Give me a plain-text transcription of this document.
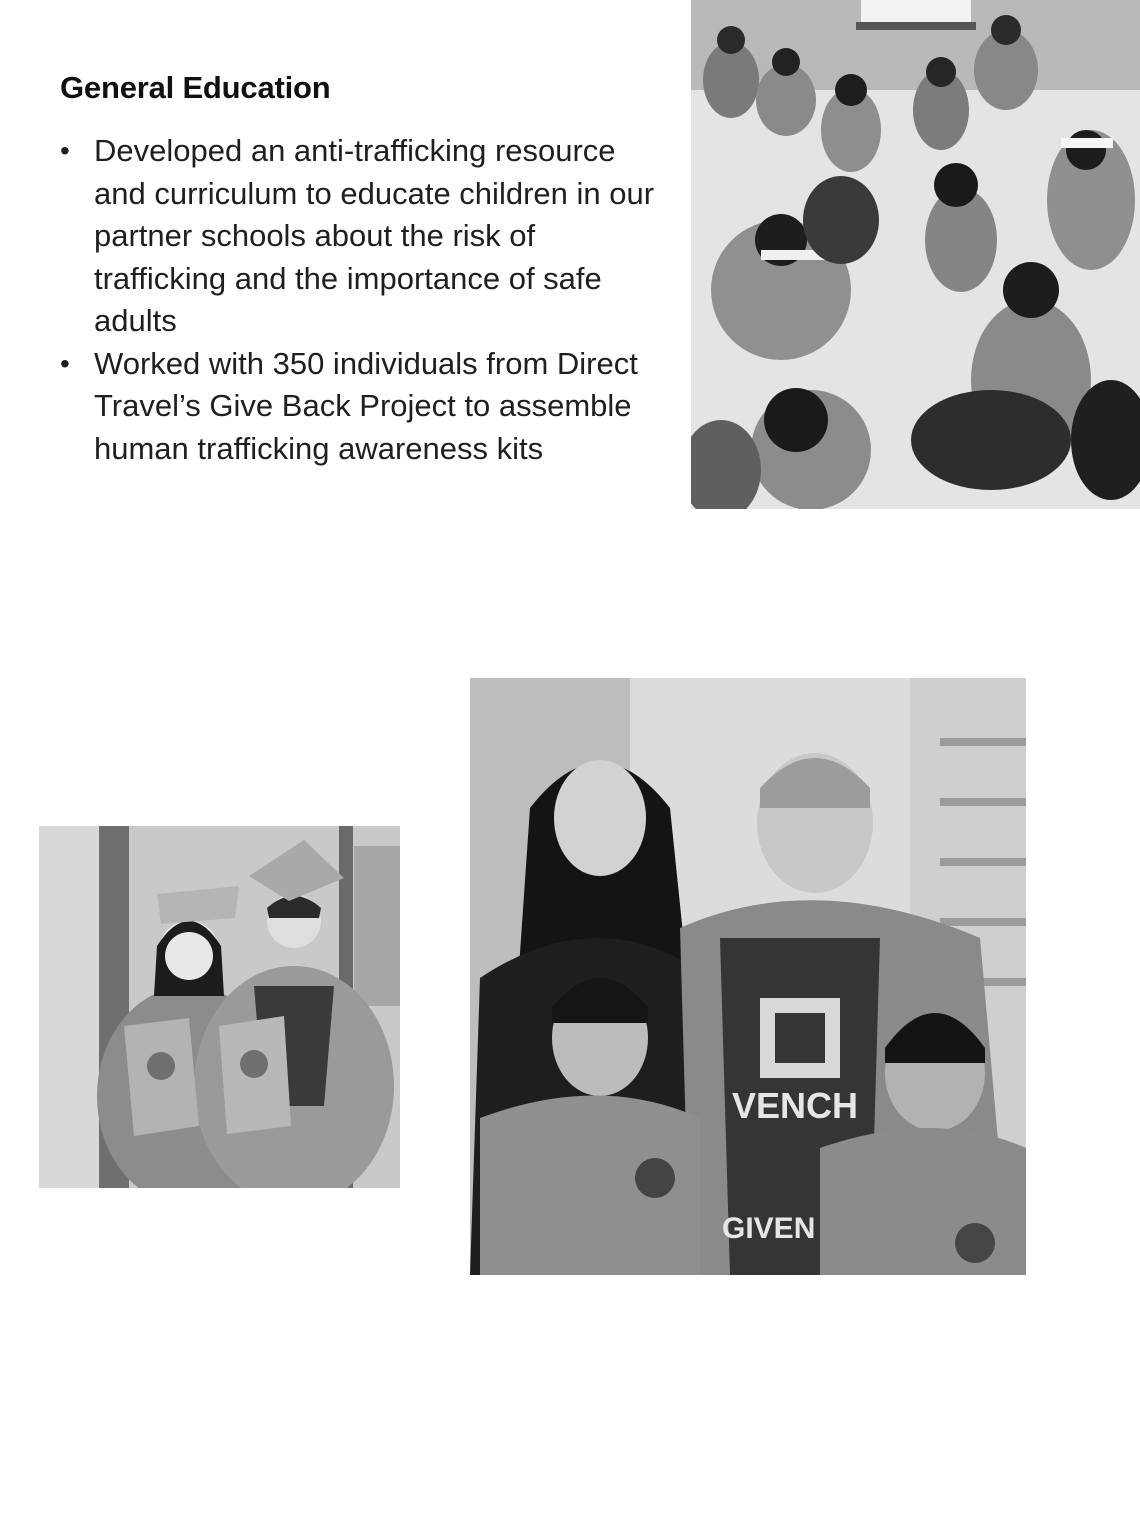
General Education
• Developed an anti-trafficking resource and curriculum to educate children in our partner schools about the risk of trafficking and the importance of safe adults
• Worked with 350 individuals from Direct Travel’s Give Back Project to assemble human trafficking awareness kits
VENCH
GIVEN
